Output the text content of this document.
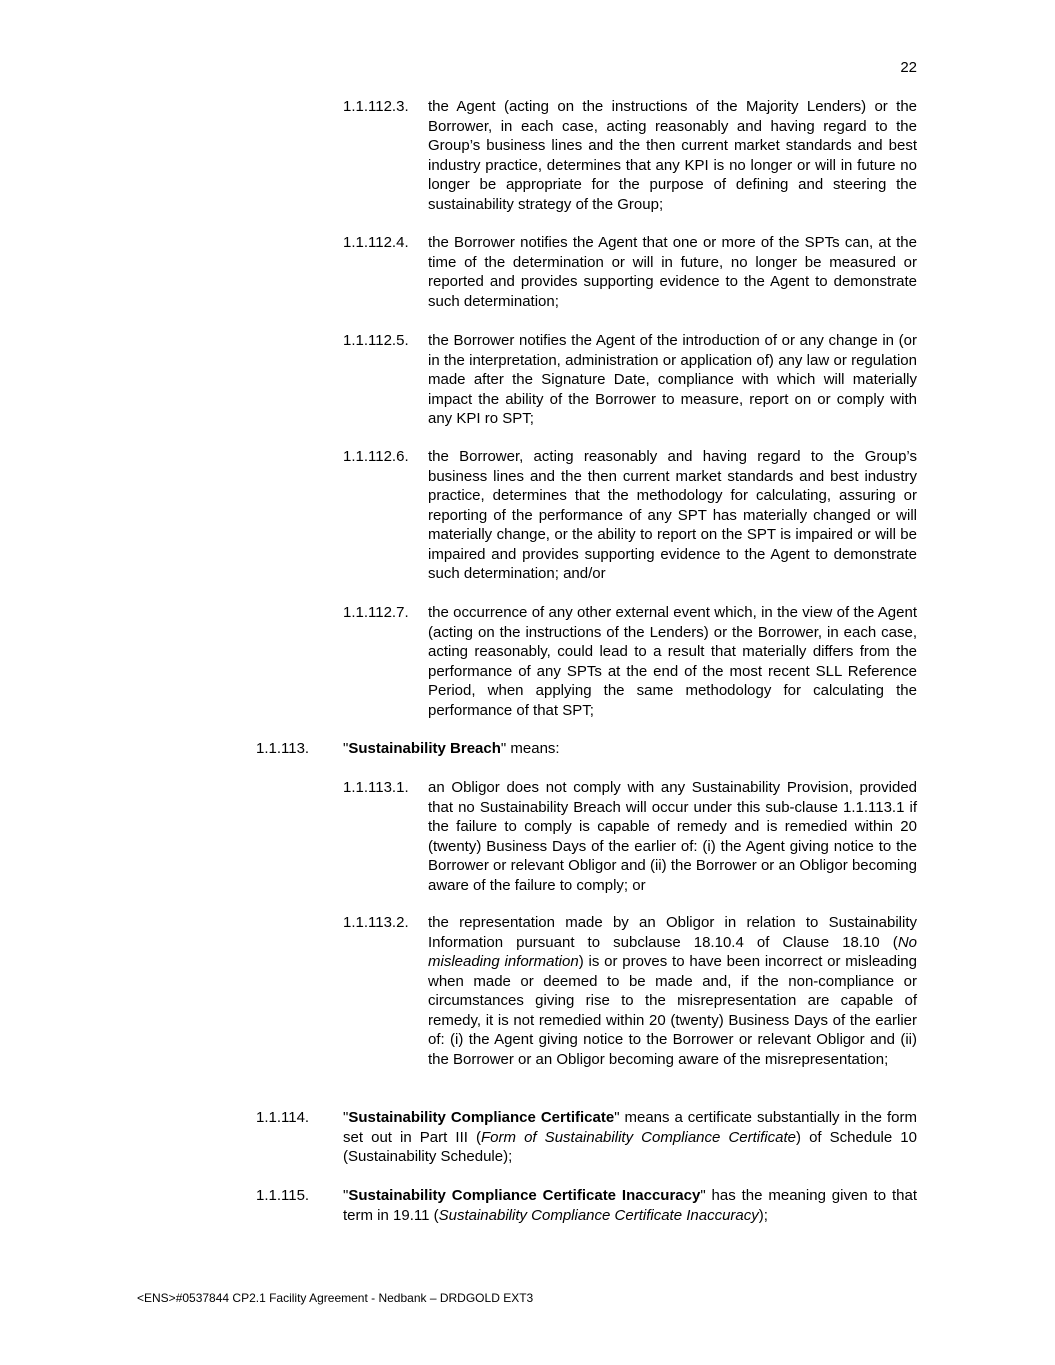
22
1.1.112.3. the Agent (acting on the instructions of the Majority Lenders) or the Borrower, in each case, acting reasonably and having regard to the Group’s business lines and the then current market standards and best industry practice, determines that any KPI is no longer or will in future no longer be appropriate for the purpose of defining and steering the sustainability strategy of the Group;
1.1.112.4. the Borrower notifies the Agent that one or more of the SPTs can, at the time of the determination or will in future, no longer be measured or reported and provides supporting evidence to the Agent to demonstrate such determination;
1.1.112.5. the Borrower notifies the Agent of the introduction of or any change in (or in the interpretation, administration or application of) any law or regulation made after the Signature Date, compliance with which will materially impact the ability of the Borrower to measure, report on or comply with any KPI ro SPT;
1.1.112.6. the Borrower, acting reasonably and having regard to the Group’s business lines and the then current market standards and best industry practice, determines that the methodology for calculating, assuring or reporting of the performance of any SPT has materially changed or will materially change, or the ability to report on the SPT is impaired or will be impaired and provides supporting evidence to the Agent to demonstrate such determination; and/or
1.1.112.7. the occurrence of any other external event which, in the view of the Agent (acting on the instructions of the Lenders) or the Borrower, in each case, acting reasonably, could lead to a result that materially differs from the performance of any SPTs at the end of the most recent SLL Reference Period, when applying the same methodology for calculating the performance of that SPT;
1.1.113. "Sustainability Breach" means:
1.1.113.1. an Obligor does not comply with any Sustainability Provision, provided that no Sustainability Breach will occur under this sub-clause 1.1.113.1 if the failure to comply is capable of remedy and is remedied within 20 (twenty) Business Days of the earlier of: (i) the Agent giving notice to the Borrower or relevant Obligor and (ii) the Borrower or an Obligor becoming aware of the failure to comply; or
1.1.113.2. the representation made by an Obligor in relation to Sustainability Information pursuant to subclause 18.10.4 of Clause 18.10 (No misleading information) is or proves to have been incorrect or misleading when made or deemed to be made and, if the non-compliance or circumstances giving rise to the misrepresentation are capable of remedy, it is not remedied within 20 (twenty) Business Days of the earlier of: (i) the Agent giving notice to the Borrower or relevant Obligor and (ii) the Borrower or an Obligor becoming aware of the misrepresentation;
1.1.114. "Sustainability Compliance Certificate" means a certificate substantially in the form set out in Part III (Form of Sustainability Compliance Certificate) of Schedule 10 (Sustainability Schedule);
1.1.115. "Sustainability Compliance Certificate Inaccuracy" has the meaning given to that term in 19.11 (Sustainability Compliance Certificate Inaccuracy);
<ENS>#0537844 CP2.1 Facility Agreement - Nedbank – DRDGOLD EXT3
